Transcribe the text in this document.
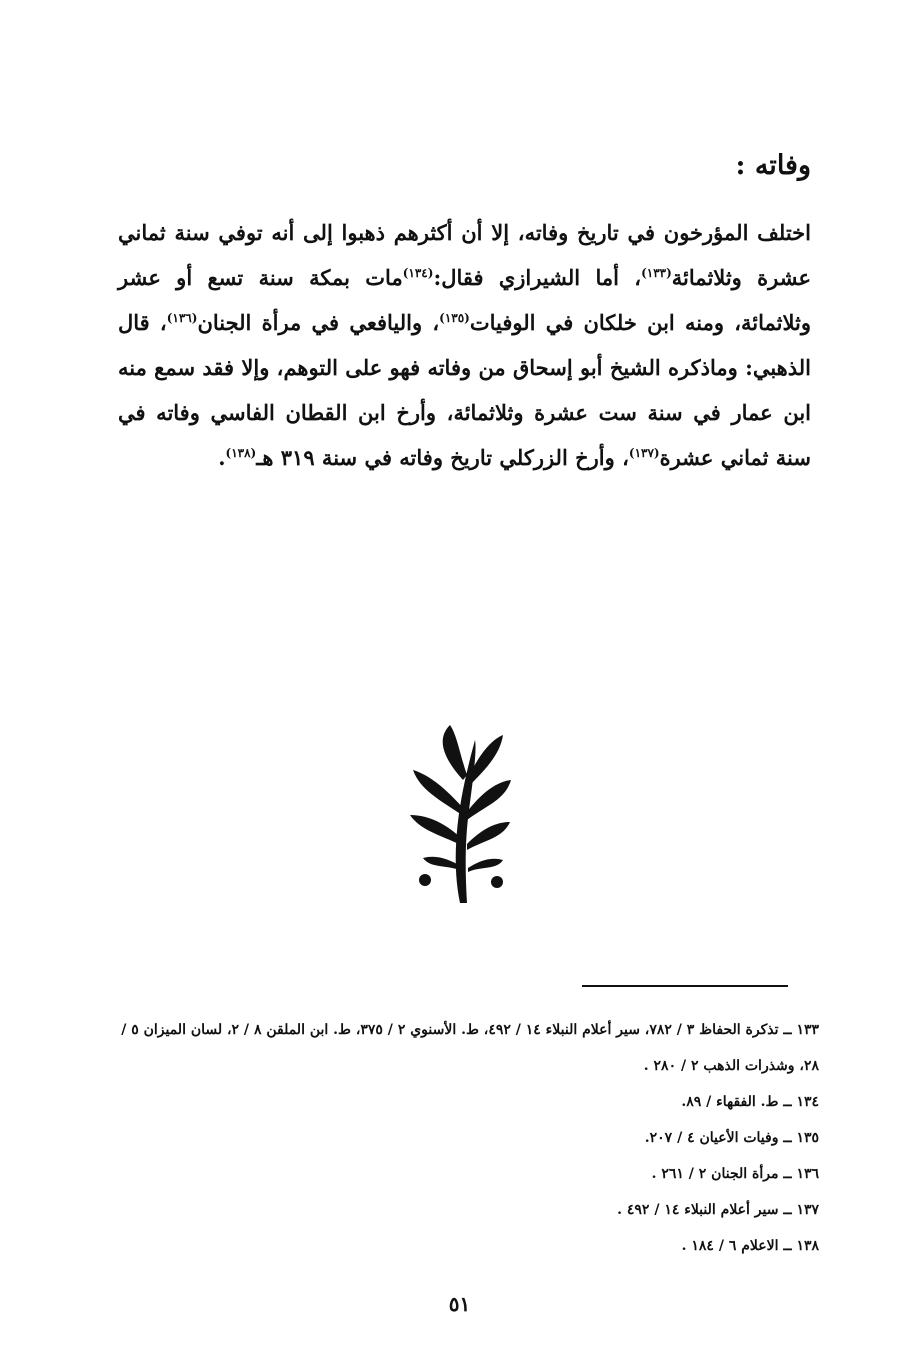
وفاته :

اختلف المؤرخون في تاريخ وفاته، إلا أن أكثرهم ذهبوا إلى أنه توفي سنة ثماني عشرة وثلاثمائة$^{(١٣٣)}$، أما الشيرازي فقال:$^{(١٣٤)}$مات بمكة سنة تسع أو عشر وثلاثمائة، ومنه ابن خلكان في الوفيات$^{(١٣٥)}$، واليافعي في مرأة الجنان$^{(١٣٦)}$، قال الذهبي: وماذكره الشيخ أبو إسحاق من وفاته فهو على التوهم، وإلا فقد سمع منه ابن عمار في سنة ست عشرة وثلاثمائة، وأرخ ابن القطان الفاسي وفاته في سنة ثماني عشرة$^{(١٣٧)}$، وأرخ الزركلي تاريخ وفاته في سنة ٣١٩ هـ$^{(١٣٨)}$.

١٣٣ ــ تذكرة الحفاظ ٣ / ٧٨٢، سير أعلام النبلاء ١٤ / ٤٩٢، ط. الأسنوي ٢ / ٣٧٥، ط. ابن الملقن ٨ / ٢، لسان الميزان ٥ / ٢٨، وشذرات الذهب ٢ / ٢٨٠ .
١٣٤ ــ ط. الفقهاء / ٨٩.
١٣٥ ــ وفيات الأعيان ٤ / ٢٠٧.
١٣٦ ــ مرأة الجنان ٢ / ٢٦١ .
١٣٧ ــ سير أعلام النبلاء ١٤ / ٤٩٢ .
١٣٨ ــ الاعلام ٦ / ١٨٤ .
٥١
